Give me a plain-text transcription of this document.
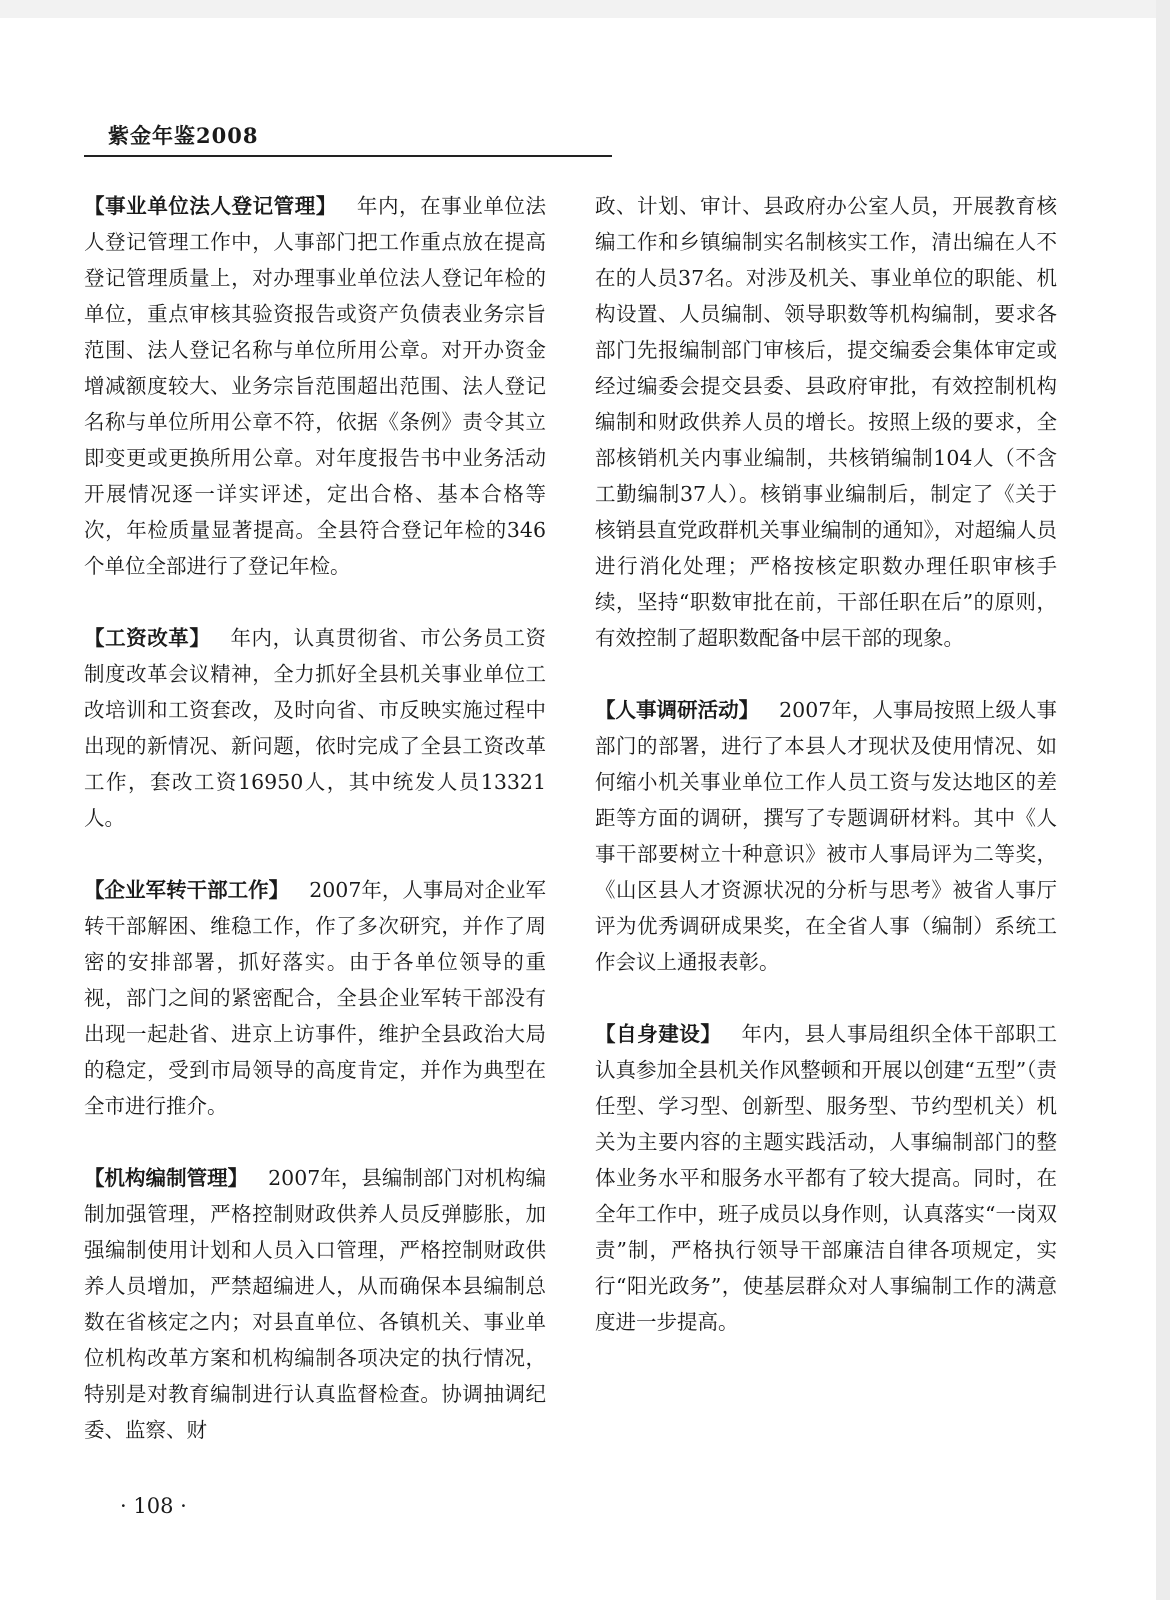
紫金年鉴2008

【事业单位法人登记管理】 年内，在事业单位法人登记管理工作中，人事部门把工作重点放在提高登记管理质量上，对办理事业单位法人登记年检的单位，重点审核其验资报告或资产负债表业务宗旨范围、法人登记名称与单位所用公章。对开办资金增减额度较大、业务宗旨范围超出范围、法人登记名称与单位所用公章不符，依据《条例》责令其立即变更或更换所用公章。对年度报告书中业务活动开展情况逐一详实评述，定出合格、基本合格等次，年检质量显著提高。全县符合登记年检的346个单位全部进行了登记年检。

【工资改革】 年内，认真贯彻省、市公务员工资制度改革会议精神，全力抓好全县机关事业单位工改培训和工资套改，及时向省、市反映实施过程中出现的新情况、新问题，依时完成了全县工资改革工作，套改工资16950人，其中统发人员13321人。

【企业军转干部工作】 2007年，人事局对企业军转干部解困、维稳工作，作了多次研究，并作了周密的安排部署，抓好落实。由于各单位领导的重视，部门之间的紧密配合，全县企业军转干部没有出现一起赴省、进京上访事件，维护全县政治大局的稳定，受到市局领导的高度肯定，并作为典型在全市进行推介。

【机构编制管理】 2007年，县编制部门对机构编制加强管理，严格控制财政供养人员反弹膨胀，加强编制使用计划和人员入口管理，严格控制财政供养人员增加，严禁超编进人，从而确保本县编制总数在省核定之内；对县直单位、各镇机关、事业单位机构改革方案和机构编制各项决定的执行情况，特别是对教育编制进行认真监督检查。协调抽调纪委、监察、财

政、计划、审计、县政府办公室人员，开展教育核编工作和乡镇编制实名制核实工作，清出编在人不在的人员37名。对涉及机关、事业单位的职能、机构设置、人员编制、领导职数等机构编制，要求各部门先报编制部门审核后，提交编委会集体审定或经过编委会提交县委、县政府审批，有效控制机构编制和财政供养人员的增长。按照上级的要求，全部核销机关内事业编制，共核销编制104人（不含工勤编制37人）。核销事业编制后，制定了《关于核销县直党政群机关事业编制的通知》，对超编人员进行消化处理；严格按核定职数办理任职审核手续，坚持“职数审批在前，干部任职在后”的原则，有效控制了超职数配备中层干部的现象。

【人事调研活动】 2007年，人事局按照上级人事部门的部署，进行了本县人才现状及使用情况、如何缩小机关事业单位工作人员工资与发达地区的差距等方面的调研，撰写了专题调研材料。其中《人事干部要树立十种意识》被市人事局评为二等奖，《山区县人才资源状况的分析与思考》被省人事厅评为优秀调研成果奖，在全省人事（编制）系统工作会议上通报表彰。

【自身建设】 年内，县人事局组织全体干部职工认真参加全县机关作风整顿和开展以创建“五型”（责任型、学习型、创新型、服务型、节约型机关）机关为主要内容的主题实践活动，人事编制部门的整体业务水平和服务水平都有了较大提高。同时，在全年工作中，班子成员以身作则，认真落实“一岗双责”制，严格执行领导干部廉洁自律各项规定，实行“阳光政务”，使基层群众对人事编制工作的满意度进一步提高。

· 108 ·
